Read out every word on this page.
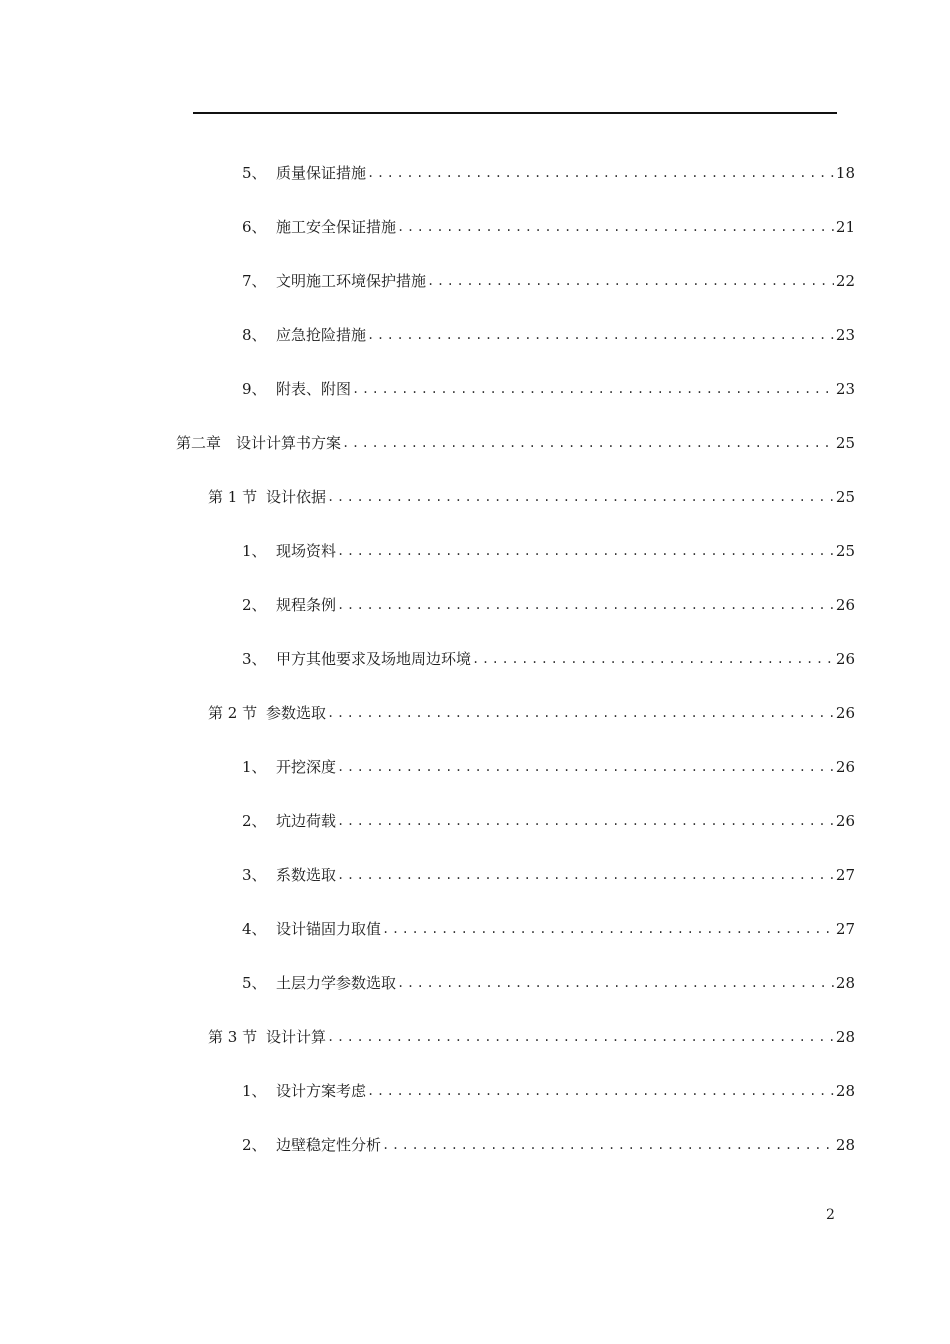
5、 质量保证措施 .....	18
6、 施工安全保证措施 .....	21
7、 文明施工环境保护措施 .....	22
8、 应急抢险措施 .....	23
9、 附表、附图 .....	23
第二章 设计计算书方案 .....	25
第 1 节 设计依据 .....	25
1、 现场资料 .....	25
2、 规程条例 .....	26
3、 甲方其他要求及场地周边环境 .....	26
第 2 节 参数选取 .....	26
1、 开挖深度 .....	26
2、 坑边荷载 .....	26
3、 系数选取 .....	27
4、 设计锚固力取值 .....	27
5、 土层力学参数选取 .....	28
第 3 节 设计计算 .....	28
1、 设计方案考虑 .....	28
2、 边壁稳定性分析 .....	28
2
